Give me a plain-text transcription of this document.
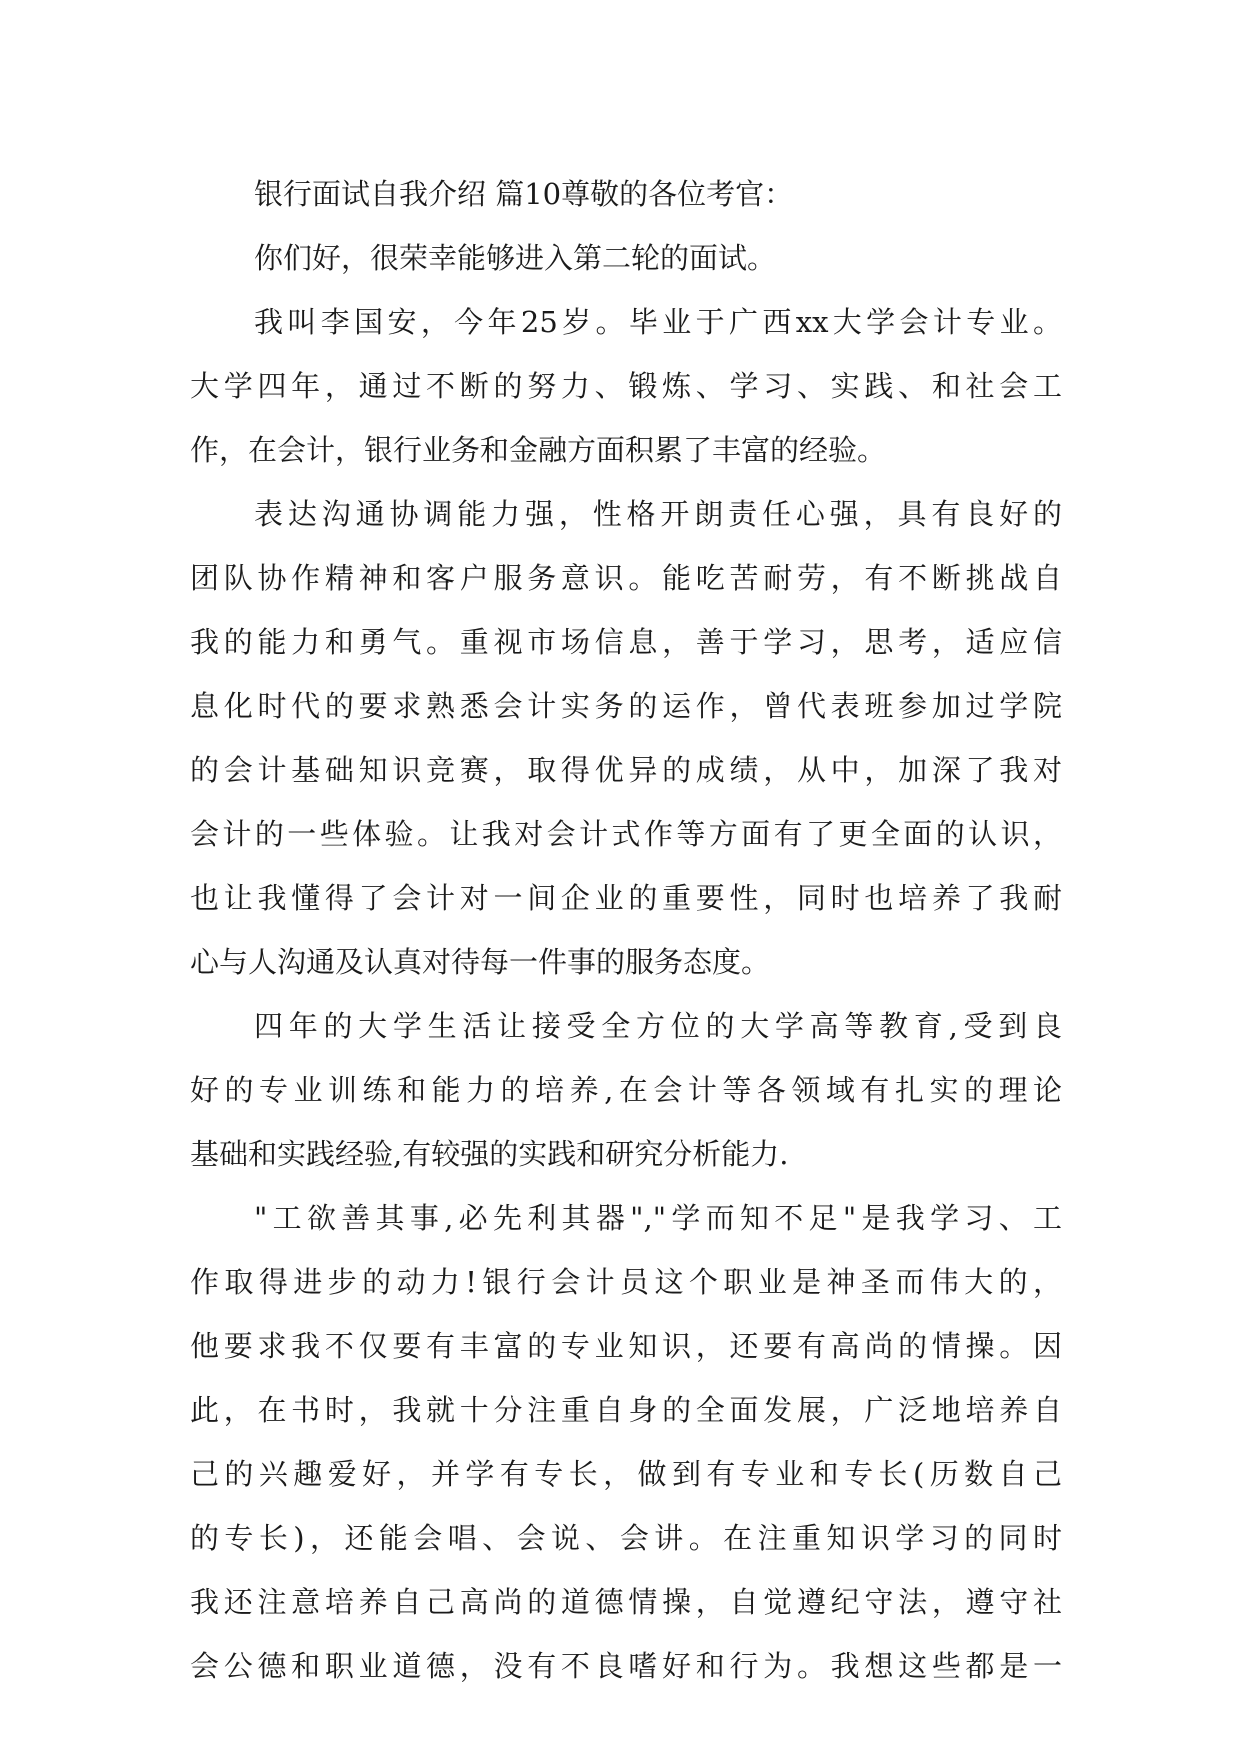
银行面试自我介绍 篇10尊敬的各位考官：
你们好，很荣幸能够进入第二轮的面试。
我叫李国安，今年25岁。毕业于广西xx大学会计专业。
大学四年，通过不断的努力、锻炼、学习、实践、和社会工
作，在会计，银行业务和金融方面积累了丰富的经验。
表达沟通协调能力强，性格开朗责任心强，具有良好的
团队协作精神和客户服务意识。能吃苦耐劳，有不断挑战自
我的能力和勇气。重视市场信息，善于学习，思考，适应信
息化时代的要求熟悉会计实务的运作，曾代表班参加过学院
的会计基础知识竞赛，取得优异的成绩，从中，加深了我对
会计的一些体验。让我对会计式作等方面有了更全面的认识，
也让我懂得了会计对一间企业的重要性，同时也培养了我耐
心与人沟通及认真对待每一件事的服务态度。
四年的大学生活让接受全方位的大学高等教育,受到良
好的专业训练和能力的培养,在会计等各领域有扎实的理论
基础和实践经验,有较强的实践和研究分析能力.
"工欲善其事,必先利其器","学而知不足"是我学习、工
作取得进步的动力!银行会计员这个职业是神圣而伟大的，
他要求我不仅要有丰富的专业知识，还要有高尚的情操。因
此，在书时，我就十分注重自身的全面发展，广泛地培养自
己的兴趣爱好，并学有专长，做到有专业和专长(历数自己
的专长)，还能会唱、会说、会讲。在注重知识学习的同时
我还注意培养自己高尚的道德情操，自觉遵纪守法，遵守社
会公德和职业道德，没有不良嗜好和行为。我想这些都是一
